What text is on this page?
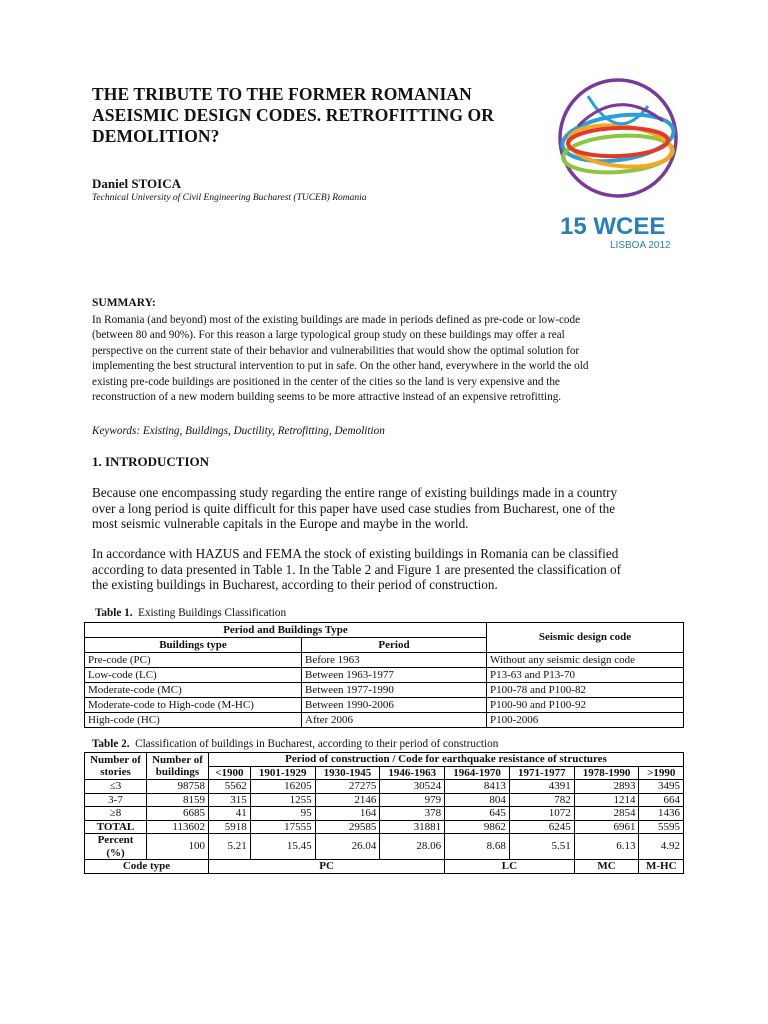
THE TRIBUTE TO THE FORMER ROMANIAN ASEISMIC DESIGN CODES. RETROFITTING OR DEMOLITION?
Daniel STOICA
Technical University of Civil Engineering Bucharest (TUCEB) Romania
15 WCEE
LISBOA 2012
SUMMARY:
In Romania (and beyond) most of the existing buildings are made in periods defined as pre-code or low-code
(between 80 and 90%). For this reason a large typological group study on these buildings may offer a real
perspective on the current state of their behavior and vulnerabilities that would show the optimal solution for
implementing the best structural intervention to put in safe. On the other hand, everywhere in the world the old
existing pre-code buildings are positioned in the center of the cities so the land is very expensive and the
reconstruction of a new modern building seems to be more attractive instead of an expensive retrofitting.
Keywords: Existing, Buildings, Ductility, Retrofitting, Demolition
1. INTRODUCTION
Because one encompassing study regarding the entire range of existing buildings made in a country
over a long period is quite difficult for this paper have used case studies from Bucharest, one of the
most seismic vulnerable capitals in the Europe and maybe in the world.
In accordance with HAZUS and FEMA the stock of existing buildings in Romania can be classified
according to data presented in Table 1. In the Table 2 and Figure 1 are presented the classification of
the existing buildings in Bucharest, according to their period of construction.
Table 1. Existing Buildings Classification
Period and Buildings Type		Seismic design code
Buildings type	Period	
Pre-code (PC)	Before 1963	Without any seismic design code
Low-code (LC)	Between 1963-1977	P13-63 and P13-70
Moderate-code (MC)	Between 1977-1990	P100-78 and P100-82
Moderate-code to High-code (M-HC)	Between 1990-2006	P100-90 and P100-92
High-code (HC)	After 2006	P100-2006
Table 2. Classification of buildings in Bucharest, according to their period of construction
Number of stories	Number of buildings	Period of construction / Code for earthquake resistance of structures							
		<1900	1901-1929	1930-1945	1946-1963	1964-1970	1971-1977	1978-1990	>1990
≤3	98758	5562	16205	27275	30524	8413	4391	2893	3495
3-7	8159	315	1255	2146	979	804	782	1214	664
≥8	6685	41	95	164	378	645	1072	2854	1436
TOTAL	113602	5918	17555	29585	31881	9862	6245	6961	5595
Percent (%)	100	5.21	15.45	26.04	28.06	8.68	5.51	6.13	4.92
Code type		PC				LC		MC	M-HC
